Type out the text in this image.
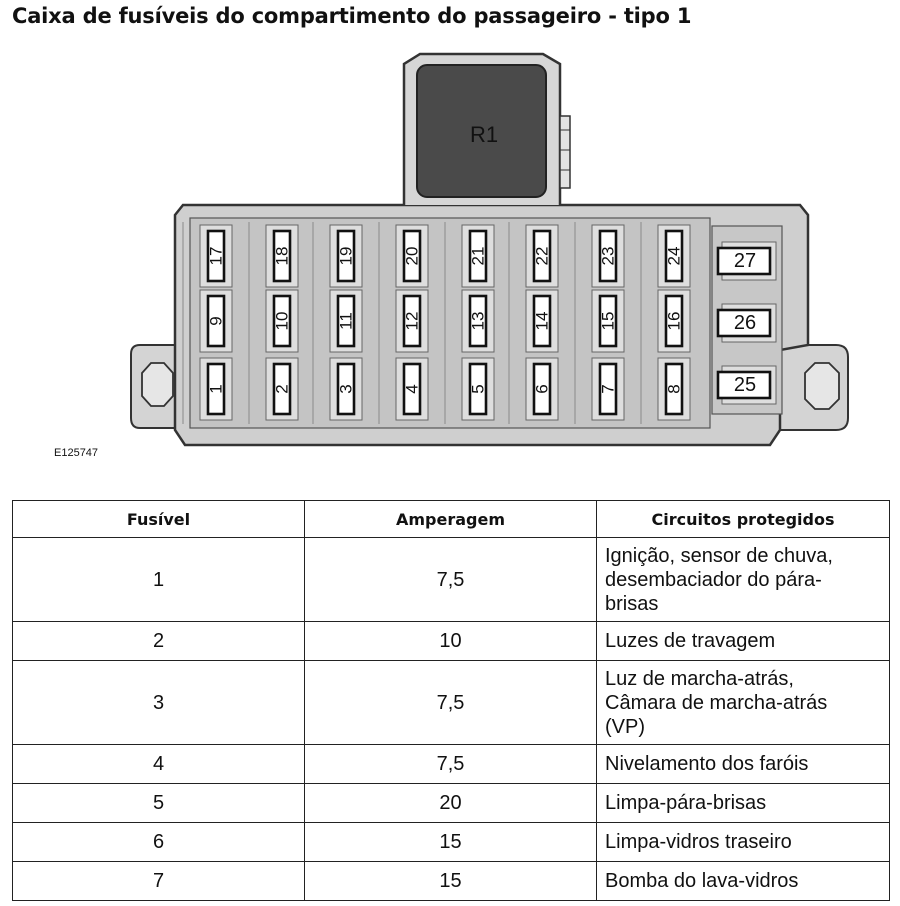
Caixa de fusíveis do compartimento do passageiro - tipo 1
R1
17	18	19	20	21	22	23	24
9	10	11	12	13	14	15	16
1	2	3	4	5	6	7	8
27
26
25
E125747
Fusível	Amperagem	Circuitos protegidos
1	7,5	Ignição, sensor de chuva,
desembaciador do pára-
brisas
2	10	Luzes de travagem
3	7,5	Luz de marcha-atrás,
Câmara de marcha-atrás
(VP)
4	7,5	Nivelamento dos faróis
5	20	Limpa-pára-brisas
6	15	Limpa-vidros traseiro
7	15	Bomba do lava-vidros
